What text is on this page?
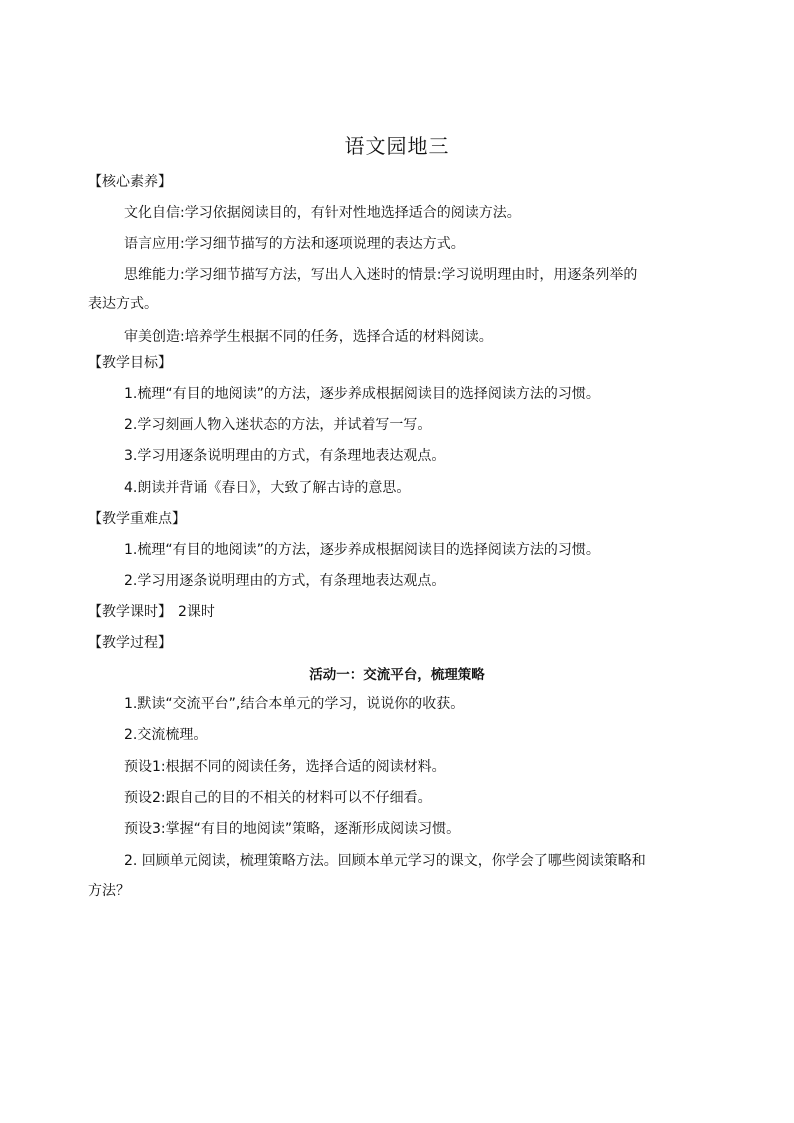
语文园地三
【核心素养】
文化自信:学习依据阅读目的，有针对性地选择适合的阅读方法。
语言应用:学习细节描写的方法和逐项说理的表达方式。
思维能力:学习细节描写方法，写出人入迷时的情景:学习说明理由时，用逐条列举的
表达方式。
审美创造:培养学生根据不同的任务，选择合适的材料阅读。
【教学目标】
1.梳理“有目的地阅读”的方法，逐步养成根据阅读目的选择阅读方法的习惯。
2.学习刻画人物入迷状态的方法，并试着写一写。
3.学习用逐条说明理由的方式，有条理地表达观点。
4.朗读并背诵《春日》，大致了解古诗的意思。
【教学重难点】
1.梳理“有目的地阅读”的方法，逐步养成根据阅读目的选择阅读方法的习惯。
2.学习用逐条说明理由的方式，有条理地表达观点。
【教学课时】 2课时
【教学过程】
活动一：交流平台，梳理策略
1.默读“交流平台”,结合本单元的学习，说说你的收获。
2.交流梳理。
预设1:根据不同的阅读任务，选择合适的阅读材料。
预设2:跟自己的目的不相关的材料可以不仔细看。
预设3:掌握“有目的地阅读”策略，逐渐形成阅读习惯。
2. 回顾单元阅读，梳理策略方法。回顾本单元学习的课文，你学会了哪些阅读策略和
方法？
